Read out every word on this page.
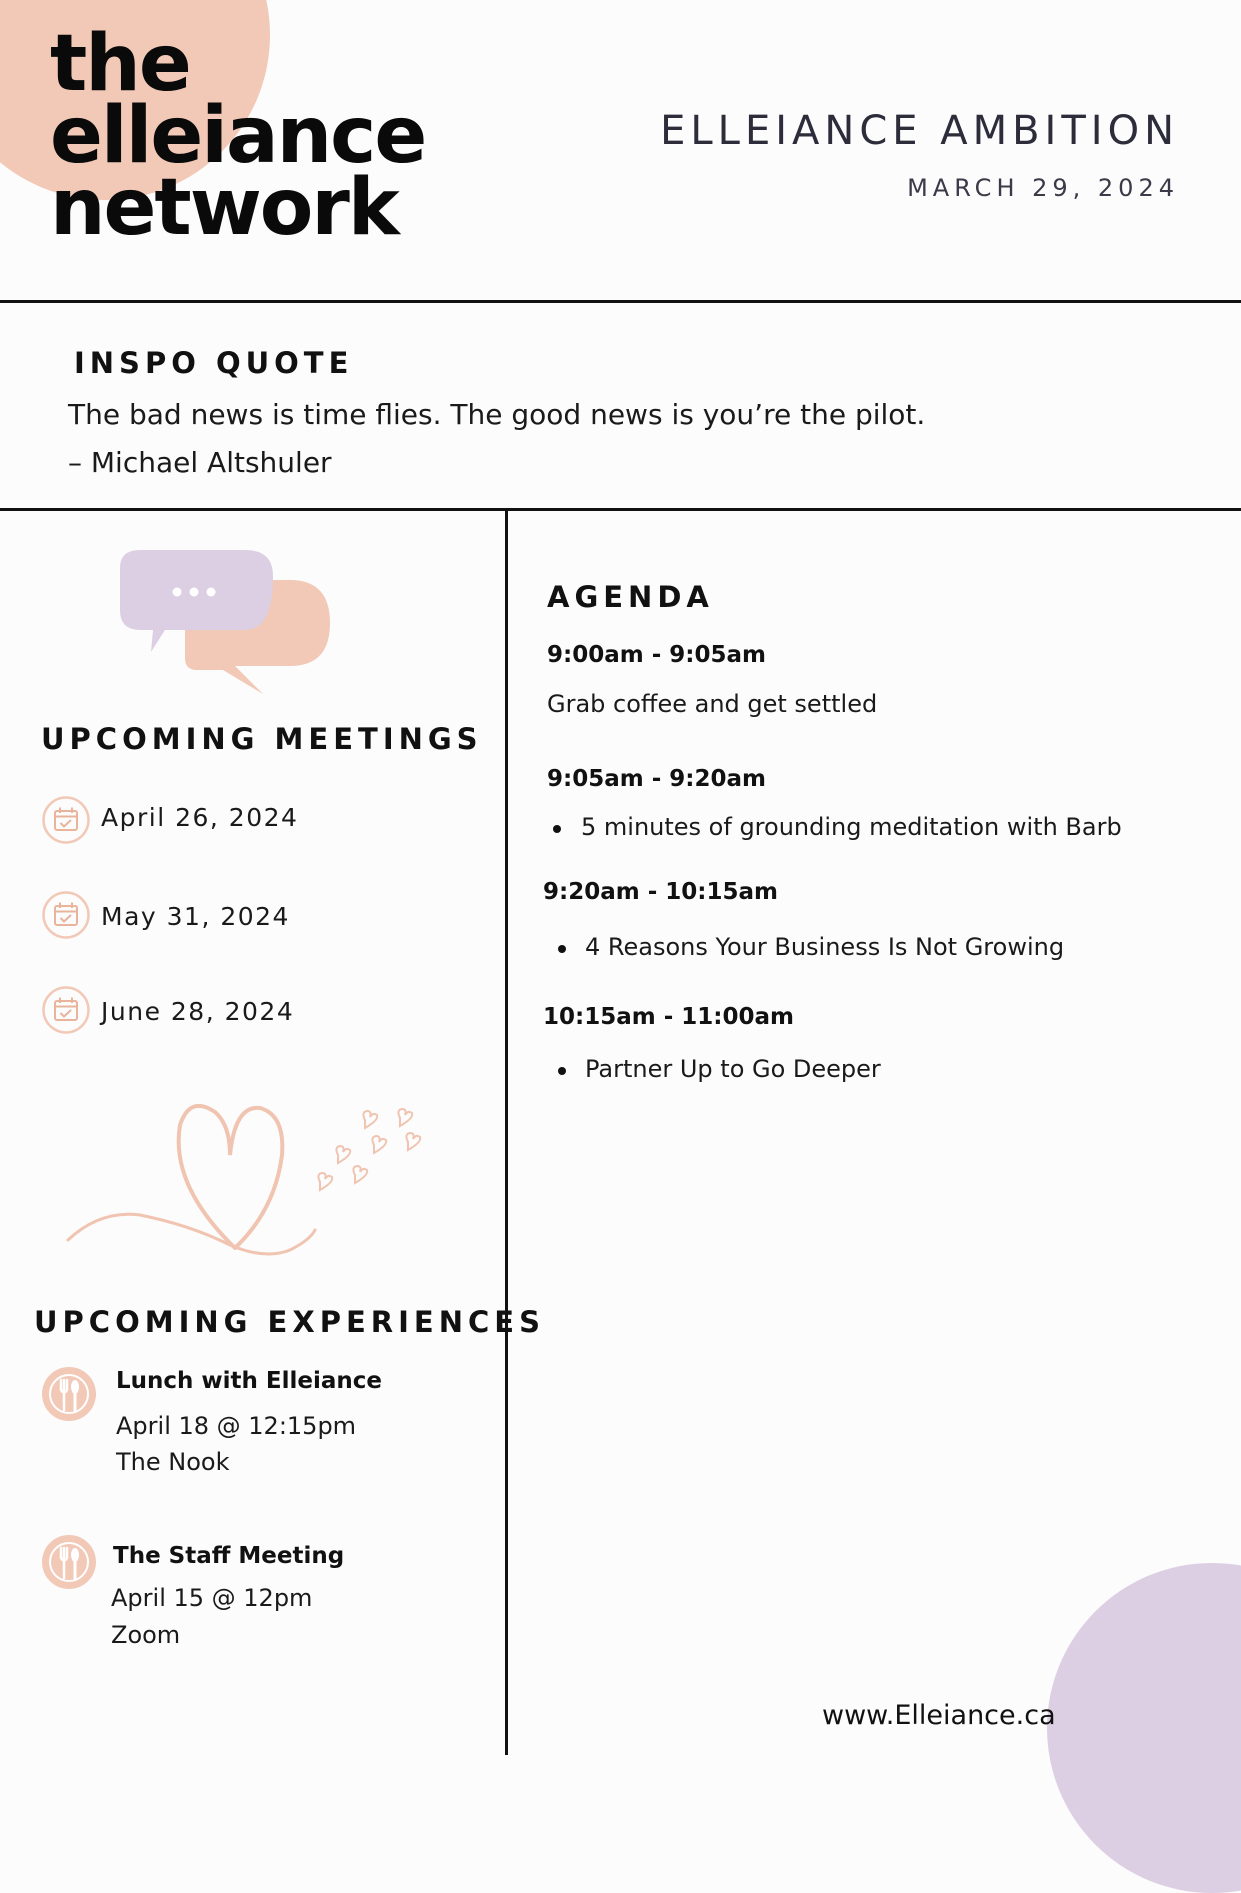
the
elleiance
network
ELLEIANCE AMBITION
MARCH 29, 2024
INSPO QUOTE
The bad news is time flies. The good news is you’re the pilot.
– Michael Altshuler
UPCOMING MEETINGS
April 26, 2024
May 31, 2024
June 28, 2024
UPCOMING EXPERIENCES
Lunch with Elleiance
April 18 @ 12:15pm
The Nook
The Staff Meeting
April 15 @ 12pm
Zoom
AGENDA
9:00am - 9:05am
Grab coffee and get settled
9:05am - 9:20am
5 minutes of grounding meditation with Barb
9:20am - 10:15am
4 Reasons Your Business Is Not Growing
10:15am - 11:00am
Partner Up to Go Deeper
www.Elleiance.ca
